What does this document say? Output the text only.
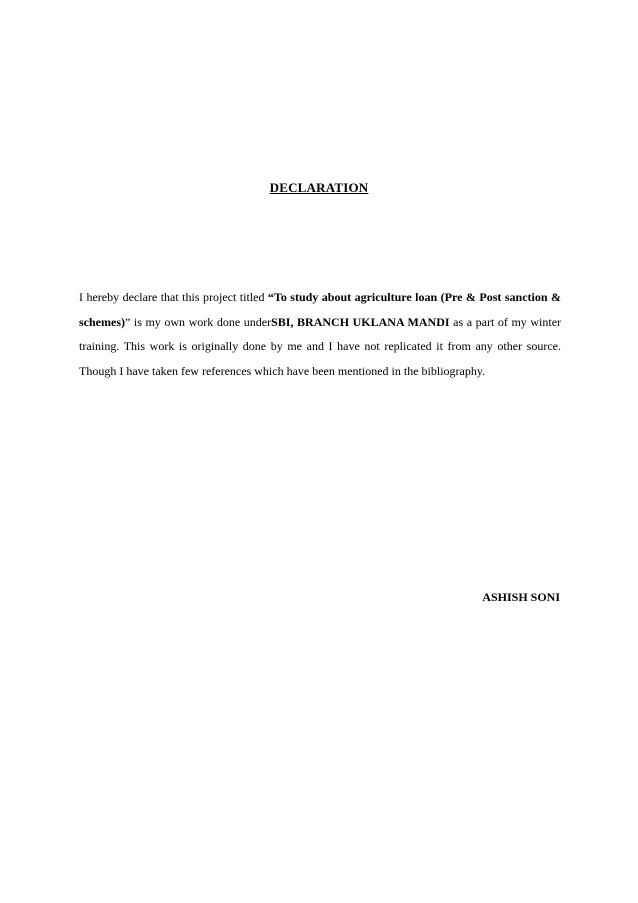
DECLARATION

I hereby declare that this project titled “To study about agriculture loan (Pre & Post sanction & schemes)” is my own work done underSBI, BRANCH UKLANA MANDI as a part of my winter training. This work is originally done by me and I have not replicated it from any other source. Though I have taken few references which have been mentioned in the bibliography.

ASHISH SONI
